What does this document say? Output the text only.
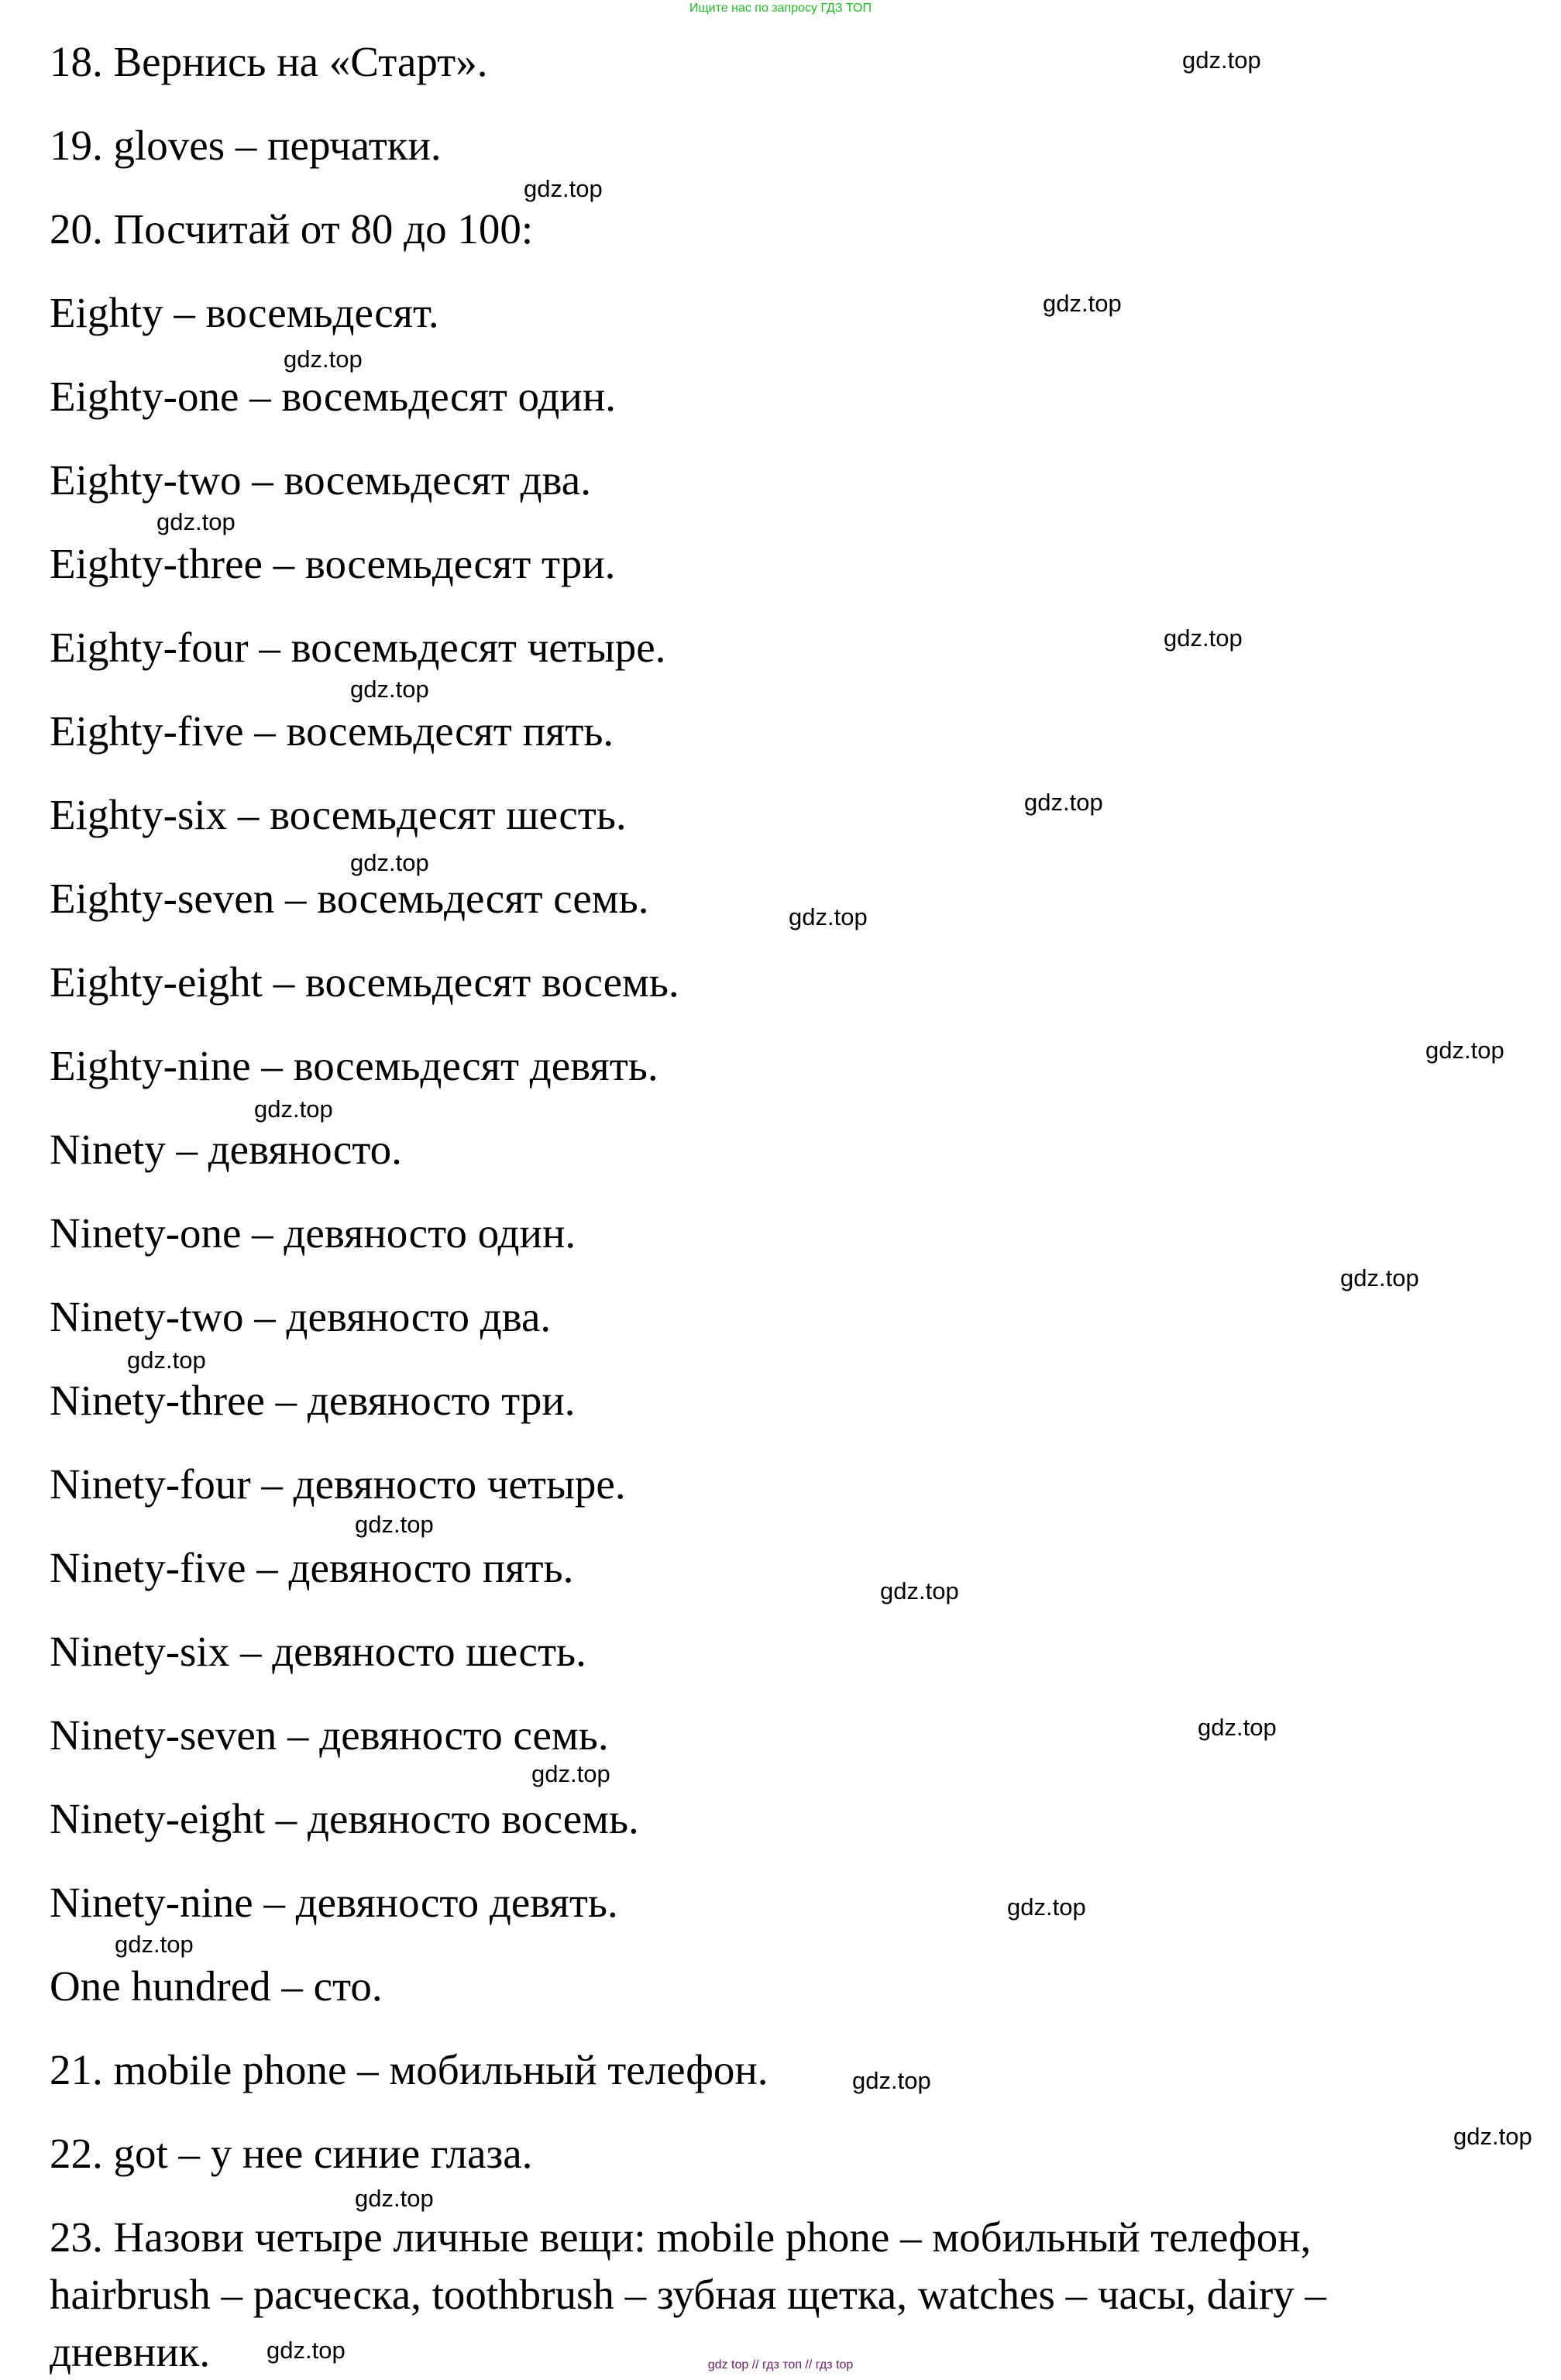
Ищите нас по запросу ГДЗ ТОП
18. Вернись на «Старт».
19. gloves – перчатки.
20. Посчитай от 80 до 100:
Eighty – восемьдесят.
Eighty-one – восемьдесят один.
Eighty-two – восемьдесят два.
Eighty-three – восемьдесят три.
Eighty-four – восемьдесят четыре.
Eighty-five – восемьдесят пять.
Eighty-six – восемьдесят шесть.
Eighty-seven – восемьдесят семь.
Eighty-eight – восемьдесят восемь.
Eighty-nine – восемьдесят девять.
Ninety – девяносто.
Ninety-one – девяносто один.
Ninety-two – девяносто два.
Ninety-three – девяносто три.
Ninety-four – девяносто четыре.
Ninety-five – девяносто пять.
Ninety-six – девяносто шесть.
Ninety-seven – девяносто семь.
Ninety-eight – девяносто восемь.
Ninety-nine – девяносто девять.
One hundred – сто.
21. mobile phone – мобильный телефон.
22. got – у нее синие глаза.
23. Назови четыре личные вещи: mobile phone – мобильный телефон,
hairbrush – расческа, toothbrush – зубная щетка, watches – часы, dairy –
дневник.
gdz.top
gdz.top
gdz.top
gdz.top
gdz.top
gdz.top
gdz.top
gdz.top
gdz.top
gdz.top
gdz.top
gdz.top
gdz.top
gdz.top
gdz.top
gdz.top
gdz.top
gdz.top
gdz.top
gdz.top
gdz.top
gdz.top
gdz.top
gdz.top
gdz top // гдз топ // гдз top
